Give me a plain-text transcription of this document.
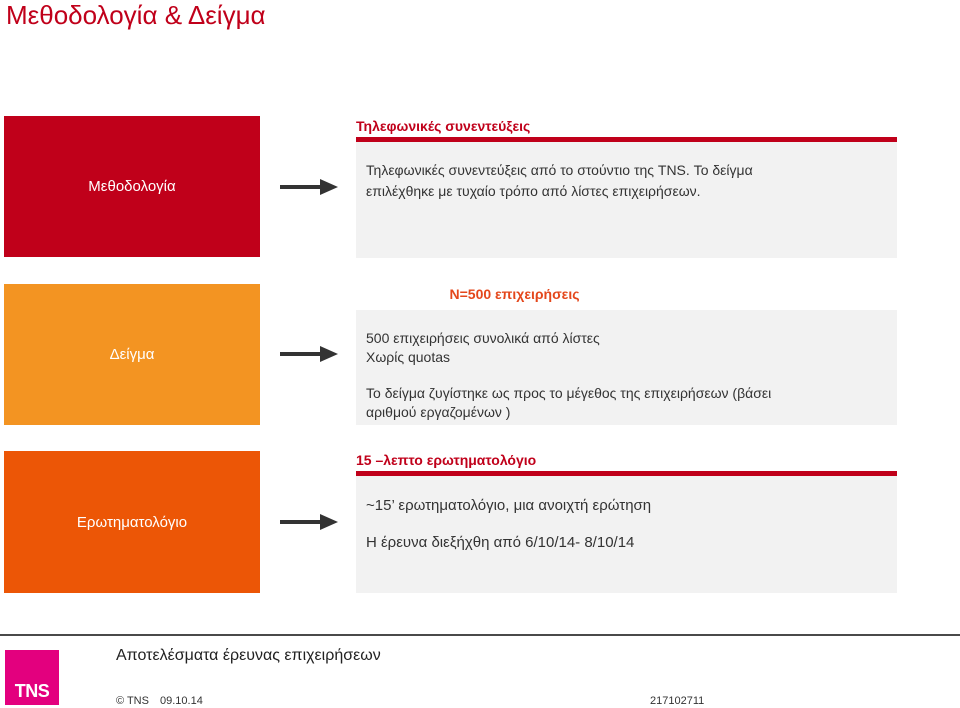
Μεθοδολογία & Δείγμα
Μεθοδολογία
Τηλεφωνικές συνεντεύξεις
Τηλεφωνικές συνεντεύξεις από το στούντιο της TNS. Το δείγμα
επιλέχθηκε με τυχαίο τρόπο από λίστες επιχειρήσεων.
Δείγμα
N=500 επιχειρήσεις
500 επιχειρήσεις συνολικά από λίστες
Χωρίς quotas
Το δείγμα ζυγίστηκε ως προς το μέγεθος της επιχειρήσεων (βάσει
αριθμού εργαζομένων )
Ερωτηματολόγιο
15 –λεπτο ερωτηματολόγιο
~15’ ερωτηματολόγιο, μια ανοιχτή ερώτηση
Η έρευνα διεξήχθη από 6/10/14- 8/10/14
TNS
Αποτελέσματα έρευνας επιχειρήσεων
© TNS 09.10.14	217102711
